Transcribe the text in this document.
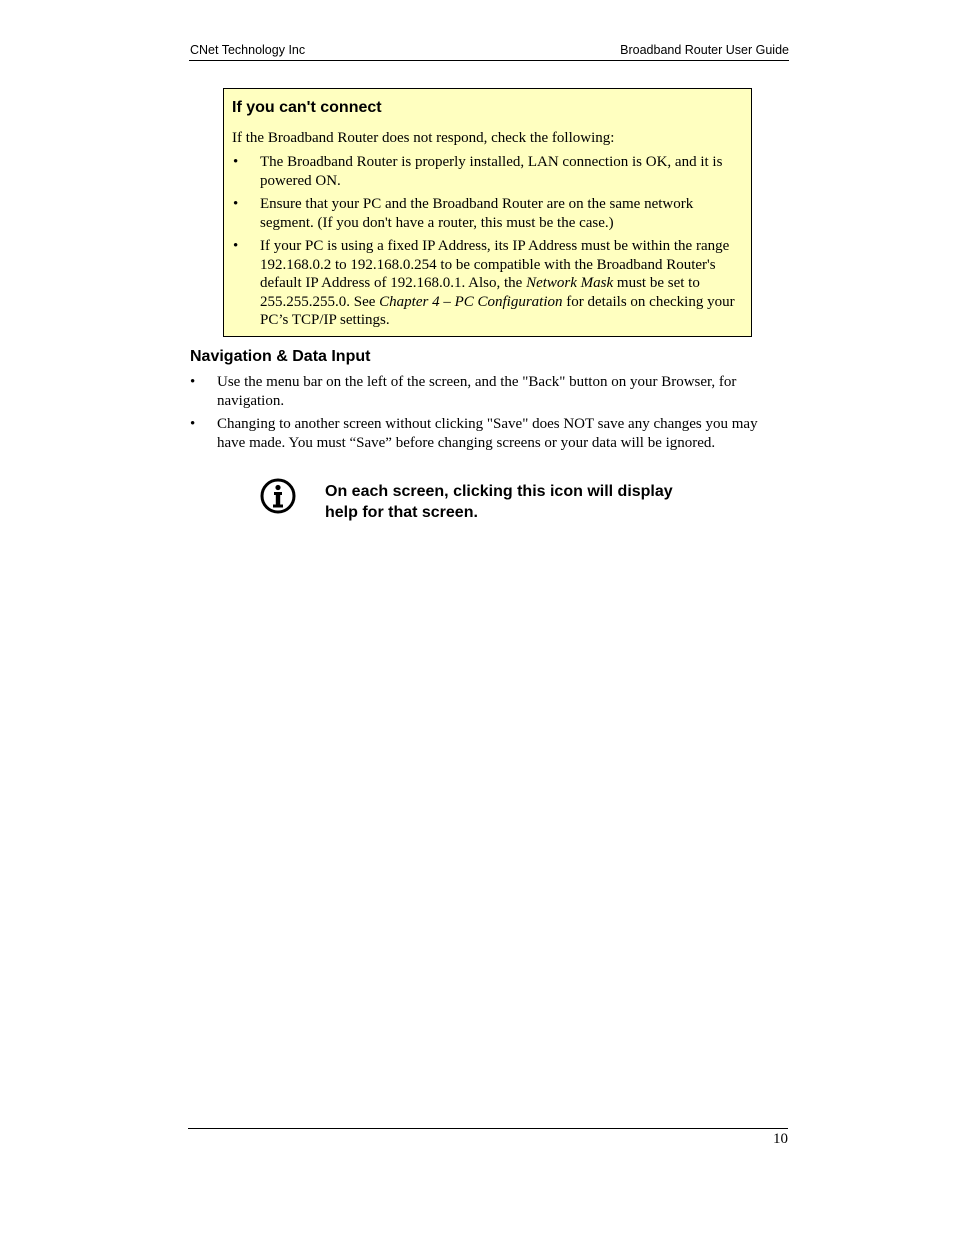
CNet Technology Inc	Broadband Router User Guide
If you can't connect
If the Broadband Router does not respond, check the following:
• The Broadband Router is properly installed, LAN connection is OK, and it is powered ON.
• Ensure that your PC and the Broadband Router are on the same network segment. (If you don't have a router, this must be the case.)
• If your PC is using a fixed IP Address, its IP Address must be within the range 192.168.0.2 to 192.168.0.254 to be compatible with the Broadband Router's default IP Address of 192.168.0.1. Also, the Network Mask must be set to 255.255.255.0. See Chapter 4 – PC Configuration for details on checking your PC’s TCP/IP settings.
Navigation & Data Input
• Use the menu bar on the left of the screen, and the "Back" button on your Browser, for navigation.
• Changing to another screen without clicking "Save" does NOT save any changes you may have made. You must “Save” before changing screens or your data will be ignored.
On each screen, clicking this icon will display
help for that screen.
10
